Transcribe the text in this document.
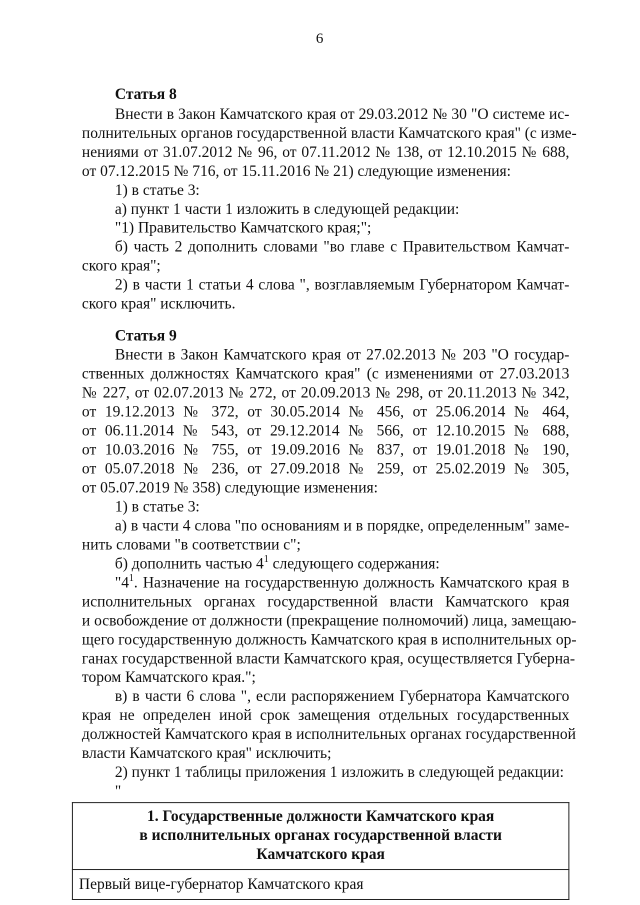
6
Статья 8
Внести в Закон Камчатского края от 29.03.2012 № 30 "О системе ис-
полнительных органов государственной власти Камчатского края" (с изме-
нениями от 31.07.2012 № 96, от 07.11.2012 № 138, от 12.10.2015 № 688,
от 07.12.2015 № 716, от 15.11.2016 № 21) следующие изменения:
1) в статье 3:
а) пункт 1 части 1 изложить в следующей редакции:
"1) Правительство Камчатского края;";
б) часть 2 дополнить словами "во главе с Правительством Камчат-
ского края";
2) в части 1 статьи 4 слова ", возглавляемым Губернатором Камчат-
ского края" исключить.
Статья 9
Внести в Закон Камчатского края от 27.02.2013 № 203 "О государ-
ственных должностях Камчатского края" (с изменениями от 27.03.2013
№ 227, от 02.07.2013 № 272, от 20.09.2013 № 298, от 20.11.2013 № 342,
от 19.12.2013 № 372, от 30.05.2014 № 456, от 25.06.2014 № 464,
от 06.11.2014 № 543, от 29.12.2014 № 566, от 12.10.2015 № 688,
от 10.03.2016 № 755, от 19.09.2016 № 837, от 19.01.2018 № 190,
от 05.07.2018 № 236, от 27.09.2018 № 259, от 25.02.2019 № 305,
от 05.07.2019 № 358) следующие изменения:
1) в статье 3:
а) в части 4 слова "по основаниям и в порядке, определенным" заме-
нить словами "в соответствии с";
б) дополнить частью $4^1$ следующего содержания:
"$4^1$. Назначение на государственную должность Камчатского края в
исполнительных органах государственной власти Камчатского края
и освобождение от должности (прекращение полномочий) лица, замещаю-
щего государственную должность Камчатского края в исполнительных ор-
ганах государственной власти Камчатского края, осуществляется Губерна-
тором Камчатского края.";
в) в части 6 слова ", если распоряжением Губернатора Камчатского
края не определен иной срок замещения отдельных государственных
должностей Камчатского края в исполнительных органах государственной
власти Камчатского края" исключить;
2) пункт 1 таблицы приложения 1 изложить в следующей редакции:
"
1. Государственные должности Камчатского края
в исполнительных органах государственной власти
Камчатского края

Первый вице-губернатор Камчатского края
